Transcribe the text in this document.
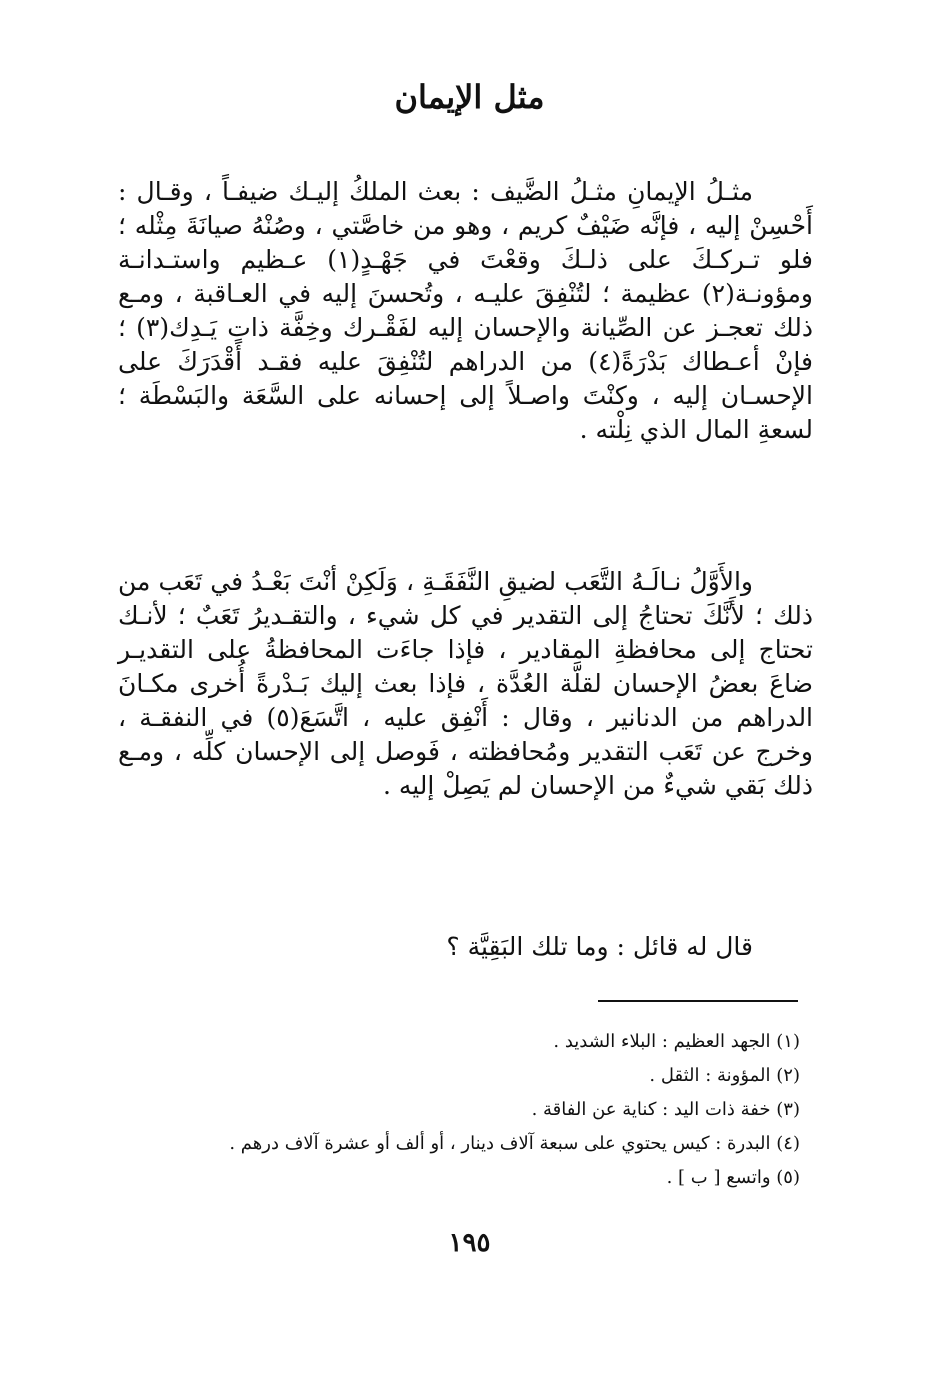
مثل الإيمان

مثـلُ الإيمانِ مثـلُ الضَّيف : بعث الملكُ إليـك ضيفـاً ، وقـال : أَحْسِنْ إليه ، فإنَّه ضَيْفٌ كريم ، وهو من خاصَّتي ، وصُنْهُ صيانَةَ مِثْله ؛ فلو تـركـكَ على ذلـكَ وقعْتَ في جَهْـدٍ(١) عـظيم واستـدانـة ومؤونـة(٢) عظيمة ؛ لتُنْفِقَ عليـه ، وتُحسنَ إليه في العـاقبة ، ومـع ذلك تعجـز عن الصِّيانة والإحسان إليه لفَقْـرك وخِفَّة ذاتِ يَـدِك(٣) ؛ فإنْ أعـطاك بَدْرَةً(٤) من الدراهم لتُنْفِقَ عليه فقـد أَقْدَرَكَ على الإحسـان إليه ، وكنْتَ واصـلاً إلى إحسانه على السَّعَة والبَسْطَة ؛ لسعةِ المال الذي نِلْته .

والأَوَّلُ نـالَـهُ التَّعَب لضيقِ النَّفَقَـةِ ، وَلَكِنْ أنْتَ بَعْـدُ في تَعَب من ذلك ؛ لأَنَّكَ تحتاجُ إلى التقدير في كل شيء ، والتقـديرُ تَعَبٌ ؛ لأنـك تحتاج إلى محافظةِ المقادير ، فإذا جاءَت المحافظةُ على التقديـر ضاعَ بعضُ الإحسان لقلَّة العُدَّة ، فإذا بعث إليك بَـدْرةً أُخرى مكـانَ الدراهم من الدنانير ، وقال : أَنْفِق عليه ، اتَّسَعَ(٥) في النفقـة ، وخرج عن تَعَب التقدير ومُحافظته ، فَوصل إلى الإحسان كلِّه ، ومـع ذلك بَقي شيءٌ من الإحسان لم يَصِلْ إليه .

قال له قائل : وما تلك البَقِيَّة ؟

(١) الجهد العظيم : البلاء الشديد .
(٢) المؤونة : الثقل .
(٣) خفة ذات اليد : كناية عن الفاقة .
(٤) البدرة : كيس يحتوي على سبعة آلاف دينار ، أو ألف أو عشرة آلاف درهم .
(٥) واتسع [ ب ] .
١٩٥
